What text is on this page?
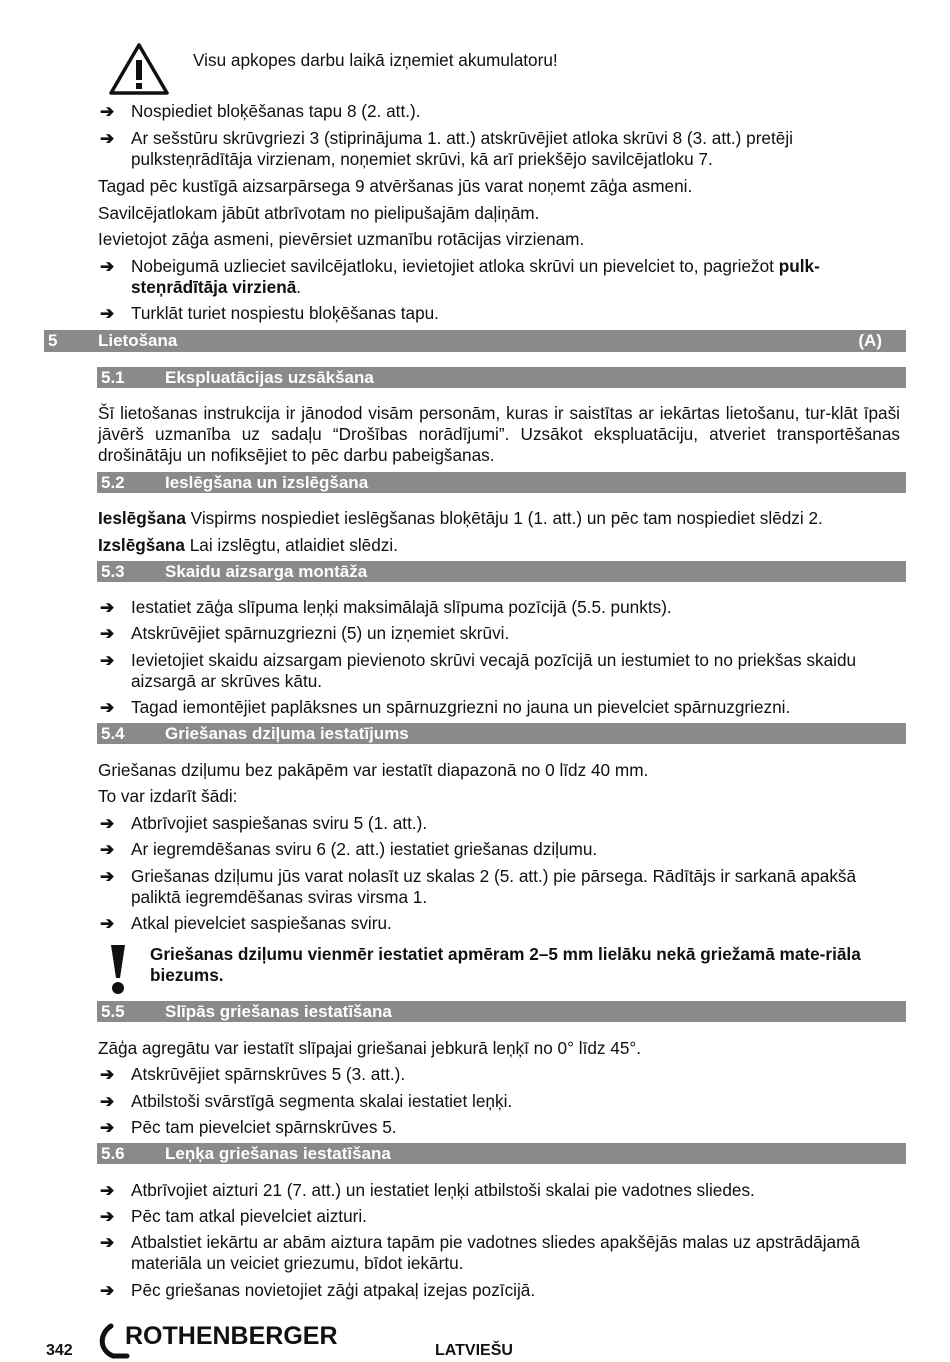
Visu apkopes darbu laikā izņemiet akumulatoru!
➔ Nospiediet bloķēšanas tapu 8 (2. att.).
➔ Ar sešstūru skrūvgriezi 3 (stiprinājuma 1. att.) atskrūvējiet atloka skrūvi 8 (3. att.) pretēji pulksteņrādītāja virzienam, noņemiet skrūvi, kā arī priekšējo savilcējatloku 7.
Tagad pēc kustīgā aizsarpārsega 9 atvēršanas jūs varat noņemt zāģa asmeni.
Savilcējatlokam jābūt atbrīvotam no pielipušajām daļiņām.
Ievietojot zāģa asmeni, pievērsiet uzmanību rotācijas virzienam.
➔ Nobeigumā uzlieciet savilcējatloku, ievietojiet atloka skrūvi un pievelciet to, pagriežot pulk-steņrādītāja virzienā.
➔ Turklāt turiet nospiestu bloķēšanas tapu.
5 Lietošana	(A)
5.1 Ekspluatācijas uzsākšana
Šī lietošanas instrukcija ir jānodod visām personām, kuras ir saistītas ar iekārtas lietošanu, tur-klāt īpaši jāvērš uzmanība uz sadaļu “Drošības norādījumi”. Uzsākot ekspluatāciju, atveriet transportēšanas drošinātāju un nofiksējiet to pēc darbu pabeigšanas.
5.2 Ieslēgšana un izslēgšana
Ieslēgšana Vispirms nospiediet ieslēgšanas bloķētāju 1 (1. att.) un pēc tam nospiediet slēdzi 2.
Izslēgšana Lai izslēgtu, atlaidiet slēdzi.
5.3 Skaidu aizsarga montāža
➔ Iestatiet zāģa slīpuma leņķi maksimālajā slīpuma pozīcijā (5.5. punkts).
➔ Atskrūvējiet spārnuzgriezni (5) un izņemiet skrūvi.
➔ Ievietojiet skaidu aizsargam pievienoto skrūvi vecajā pozīcijā un iestumiet to no priekšas skaidu aizsargā ar skrūves kātu.
➔ Tagad iemontējiet paplāksnes un spārnuzgriezni no jauna un pievelciet spārnuzgriezni.
5.4 Griešanas dziļuma iestatījums
Griešanas dziļumu bez pakāpēm var iestatīt diapazonā no 0 līdz 40 mm.
To var izdarīt šādi:
➔ Atbrīvojiet saspiešanas sviru 5 (1. att.).
➔ Ar iegremdēšanas sviru 6 (2. att.) iestatiet griešanas dziļumu.
➔ Griešanas dziļumu jūs varat nolasīt uz skalas 2 (5. att.) pie pārsega. Rādītājs ir sarkanā apakšā paliktā iegremdēšanas sviras virsma 1.
➔ Atkal pievelciet saspiešanas sviru.
Griešanas dziļumu vienmēr iestatiet apmēram 2–5 mm lielāku nekā griežamā mate-riāla biezums.
5.5 Slīpās griešanas iestatīšana
Zāģa agregātu var iestatīt slīpajai griešanai jebkurā leņķī no 0° līdz 45°.
➔ Atskrūvējiet spārnskrūves 5 (3. att.).
➔ Atbilstoši svārstīgā segmenta skalai iestatiet leņķi.
➔ Pēc tam pievelciet spārnskrūves 5.
5.6 Leņķa griešanas iestatīšana
➔ Atbrīvojiet aizturi 21 (7. att.) un iestatiet leņķi atbilstoši skalai pie vadotnes sliedes.
➔ Pēc tam atkal pievelciet aizturi.
➔ Atbalstiet iekārtu ar abām aiztura tapām pie vadotnes sliedes apakšējās malas uz apstrādājamā materiāla un veiciet griezumu, bīdot iekārtu.
➔ Pēc griešanas novietojiet zāģi atpakaļ izejas pozīcijā.
342
ROTHENBERGER
LATVIEŠU
